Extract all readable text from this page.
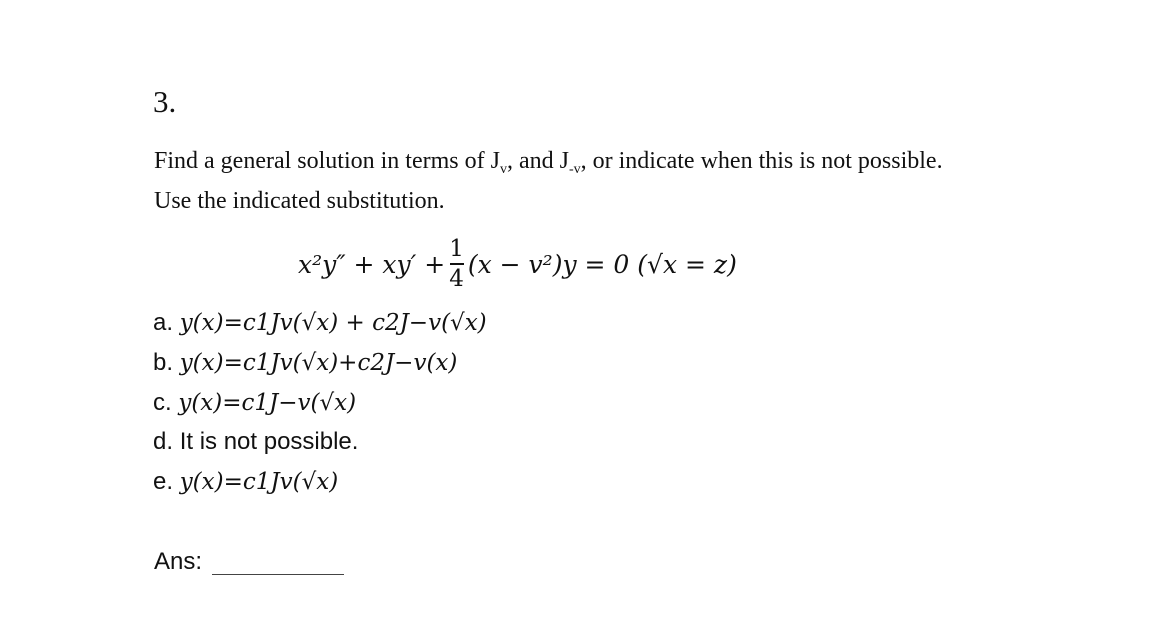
3.
Find a general solution in terms of $J_v$, and $J_{-v}$, or indicate when this is not possible.
Use the indicated substitution.
$x^2y'' + xy' + \frac{1}{4} (x - v^2)y = 0$ (√x = z)
a. y(x)=c1Jv(√x) + c2J−v(√x)
b. y(x)=c1Jv(√x)+c2J−v(x)
c. y(x)=c1J−v(√x)
d. It is not possible.
e. y(x)=c1Jv(√x)
Ans:
